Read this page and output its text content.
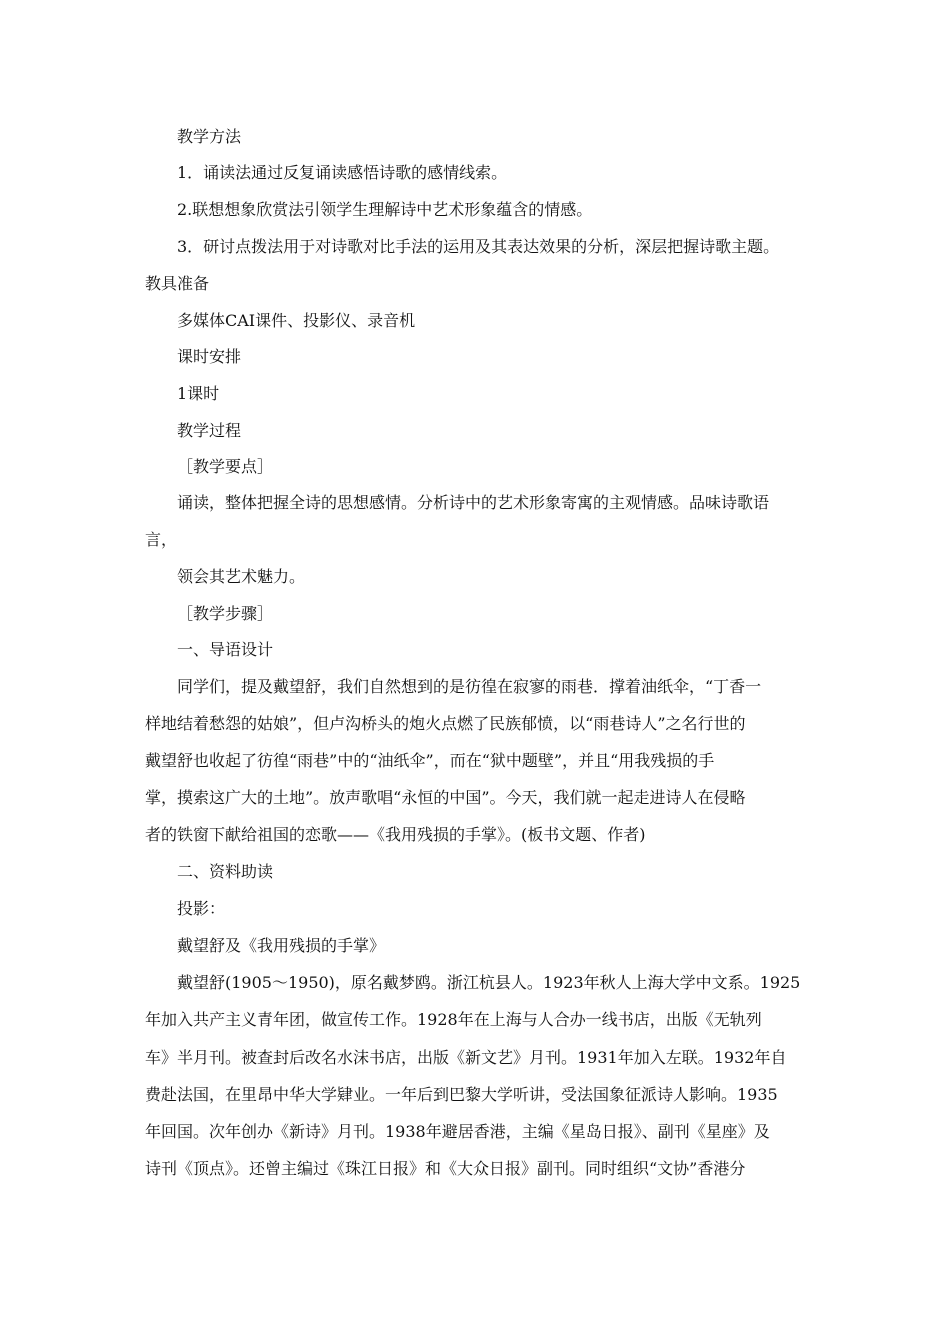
教学方法
1．诵读法通过反复诵读感悟诗歌的感情线索。
2.联想想象欣赏法引领学生理解诗中艺术形象蕴含的情感。
3．研讨点拨法用于对诗歌对比手法的运用及其表达效果的分析，深层把握诗歌主题。
教具准备
多媒体CAI课件、投影仪、录音机
课时安排
1课时
教学过程
［教学要点］
诵读，整体把握全诗的思想感情。分析诗中的艺术形象寄寓的主观情感。品味诗歌语
言，
领会其艺术魅力。
［教学步骤］
一、导语设计
同学们，提及戴望舒，我们自然想到的是彷徨在寂寥的雨巷．撑着油纸伞，“丁香一
样地结着愁怨的姑娘”，但卢沟桥头的炮火点燃了民族郁愤，以“雨巷诗人”之名行世的
戴望舒也收起了彷徨“雨巷”中的“油纸伞”，而在“狱中题壁”，并且“用我残损的手
掌，摸索这广大的土地”。放声歌唱“永恒的中国”。今天，我们就一起走进诗人在侵略
者的铁窗下献给祖国的恋歌——《我用残损的手掌》。(板书文题、作者)
二、资料助读
投影：
戴望舒及《我用残损的手掌》
戴望舒(1905～1950)，原名戴梦鸥。浙江杭县人。1923年秋人上海大学中文系。1925
年加入共产主义青年团，做宣传工作。1928年在上海与人合办一线书店，出版《无轨列
车》半月刊。被查封后改名水沫书店，出版《新文艺》月刊。1931年加入左联。1932年自
费赴法国，在里昂中华大学肄业。一年后到巴黎大学听讲，受法国象征派诗人影响。1935
年回国。次年创办《新诗》月刊。1938年避居香港，主编《星岛日报》、副刊《星座》及
诗刊《顶点》。还曾主编过《珠江日报》和《大众日报》副刊。同时组织“文协”香港分
